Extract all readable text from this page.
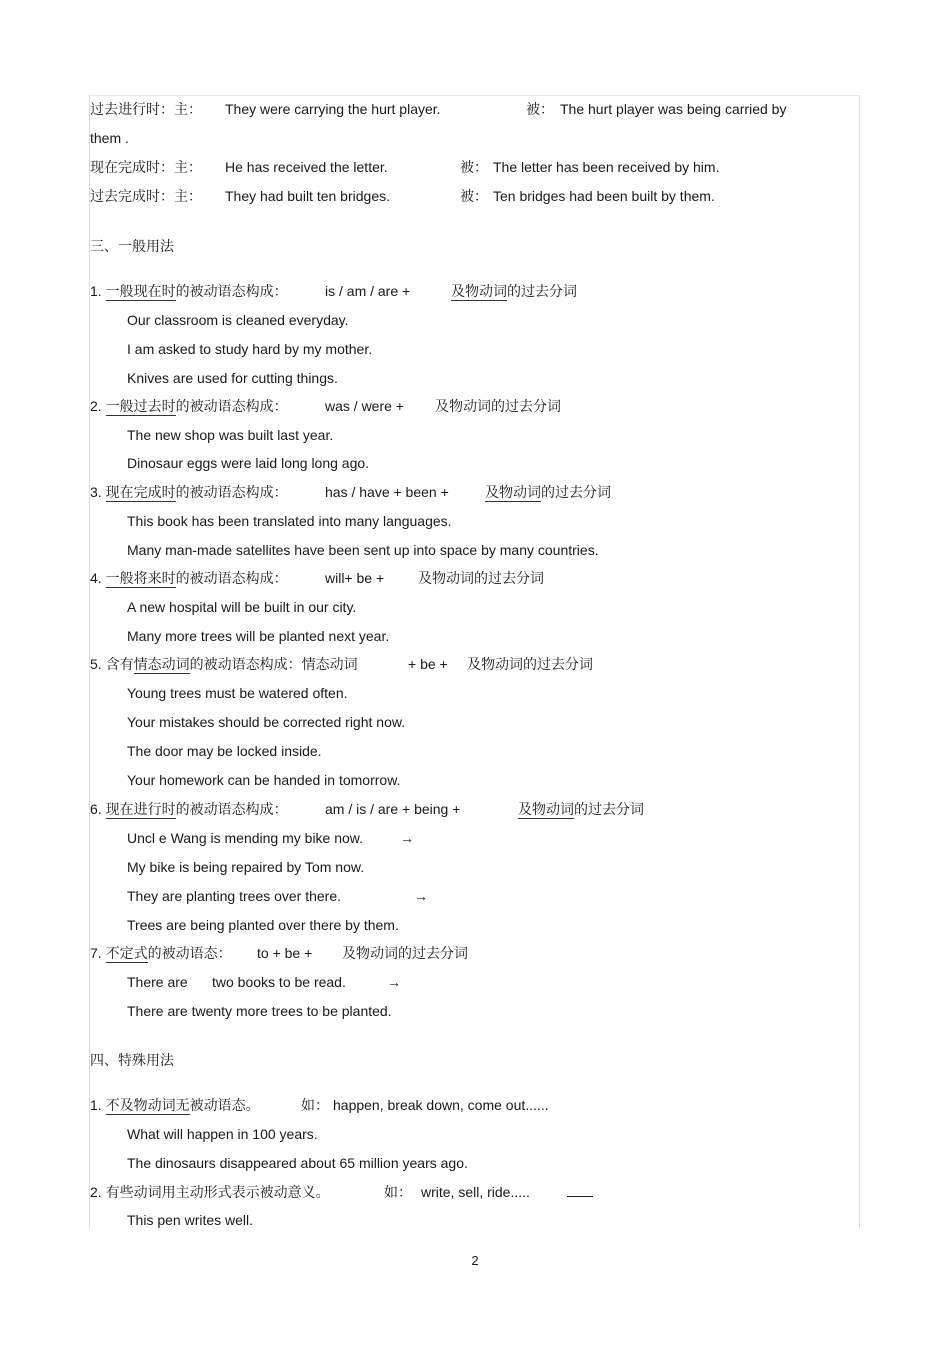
过去进行时：主： They were carrying the hurt player.	被： The hurt player was being carried by
them .
现在完成时：主： He has received the letter.	被： The letter has been received by him.
过去完成时：主： They had built ten bridges.	被： Ten bridges had been built by them.
三、一般用法
1. 一般现在时的被动语态构成：	is / am / are +	及物动词的过去分词
Our classroom is cleaned everyday.
I am asked to study hard by my mother.
Knives are used for cutting things.
2. 一般过去时的被动语态构成：	was / were + 及物动词的过去分词
The new shop was built last year.
Dinosaur eggs were laid long long ago.
3. 现在完成时的被动语态构成：	has / have + been +	及物动词的过去分词
This book has been translated into many languages.
Many man-made satellites have been sent up into space by many countries.
4. 一般将来时的被动语态构成：	will+ be + 及物动词的过去分词
A new hospital will be built in our city.
Many more trees will be planted next year.
5. 含有情态动词的被动语态构成：情态动词	+ be + 及物动词的过去分词
Young trees must be watered often.
Your mistakes should be corrected right now.
The door may be locked inside.
Your homework can be handed in tomorrow.
6. 现在进行时的被动语态构成：	am / is / are + being +	及物动词的过去分词
Uncl e Wang is mending my bike now.	→
My bike is being repaired by Tom now.
They are planting trees over there.	→
Trees are being planted over there by them.
7. 不定式的被动语态： to + be + 及物动词的过去分词
There are two books to be read.	→
There are twenty more trees to be planted.
四、特殊用法
1. 不及物动词无被动语态。	如： happen, break down, come out......
What will happen in 100 years.
The dinosaurs disappeared about 65 million years ago.
2. 有些动词用主动形式表示被动意义。	如： write, sell, ride.....
This pen writes well.
2
